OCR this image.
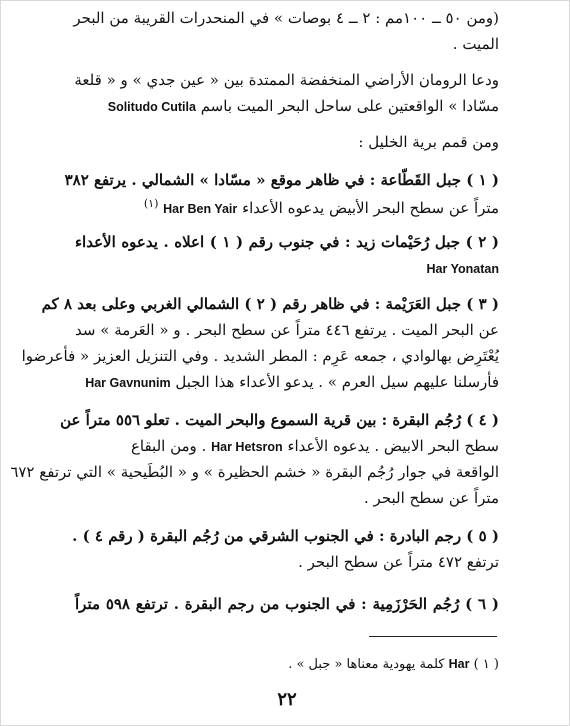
(ومن ٥٠ ــ ١٠٠مم : ٢ ــ ٤ بوصات » في المنحدرات القريبة من البحر
الميت .
ودعا الرومان الأراضي المنخفضة الممتدة بين « عين جدي » و « قلعة
مسّادا » الواقعتين على ساحل البحر الميت باسم Solitudo Cutila
ومن قمم برية الخليل :
( ١ ) جبل القَطّاعة : في ظاهر موقع « مسّادا » الشمالي . يرتفع ٣٨٢
متراً عن سطح البحر الأبيض يدعوه الأعداء Har Ben Yair $^{(١)}$
( ٢ ) جبل رُحَيْمات زيد : في جنوب رقم ( ١ ) اعلاه . يدعوه الأعداء
Har Yonatan
( ٣ ) جبل العَرَيْمة : في ظاهر رقم ( ٢ ) الشمالي الغربي وعلى بعد ٨ كم
عن البحر الميت . يرتفع ٤٤٦ متراً عن سطح البحر . و « العَرمة » سد
يُعْتَرِض بهالوادي ، جمعه عَرِم : المطر الشديد . وفي التنزيل العزيز « فأعرضوا
فأرسلنا عليهم سيل العرم » . يدعو الأعداء هذا الجبل Har Gavnunim
( ٤ ) رُجُم البقرة : بين قرية السموع والبحر الميت . تعلو ٥٥٦ متراً عن
سطح البحر الابيض . يدعوه الأعداء Har Hetsron . ومن البقاع
الواقعة في جوار رُجُم البقرة « خشم الحظيرة » و « البُطَيحية » التي ترتفع ٦٧٢
متراً عن سطح البحر .
( ٥ ) رجم البادرة : في الجنوب الشرقي من رُجُم البقرة ( رقم ٤ ) .
ترتفع ٤٧٢ متراً عن سطح البحر .
( ٦ ) رُجُم الحَرْزَمِية : في الجنوب من رجم البقرة . ترتفع ٥٩٨ متراً
( ١ ) Har كلمة يهودية معناها « جبل » .
٢٢
